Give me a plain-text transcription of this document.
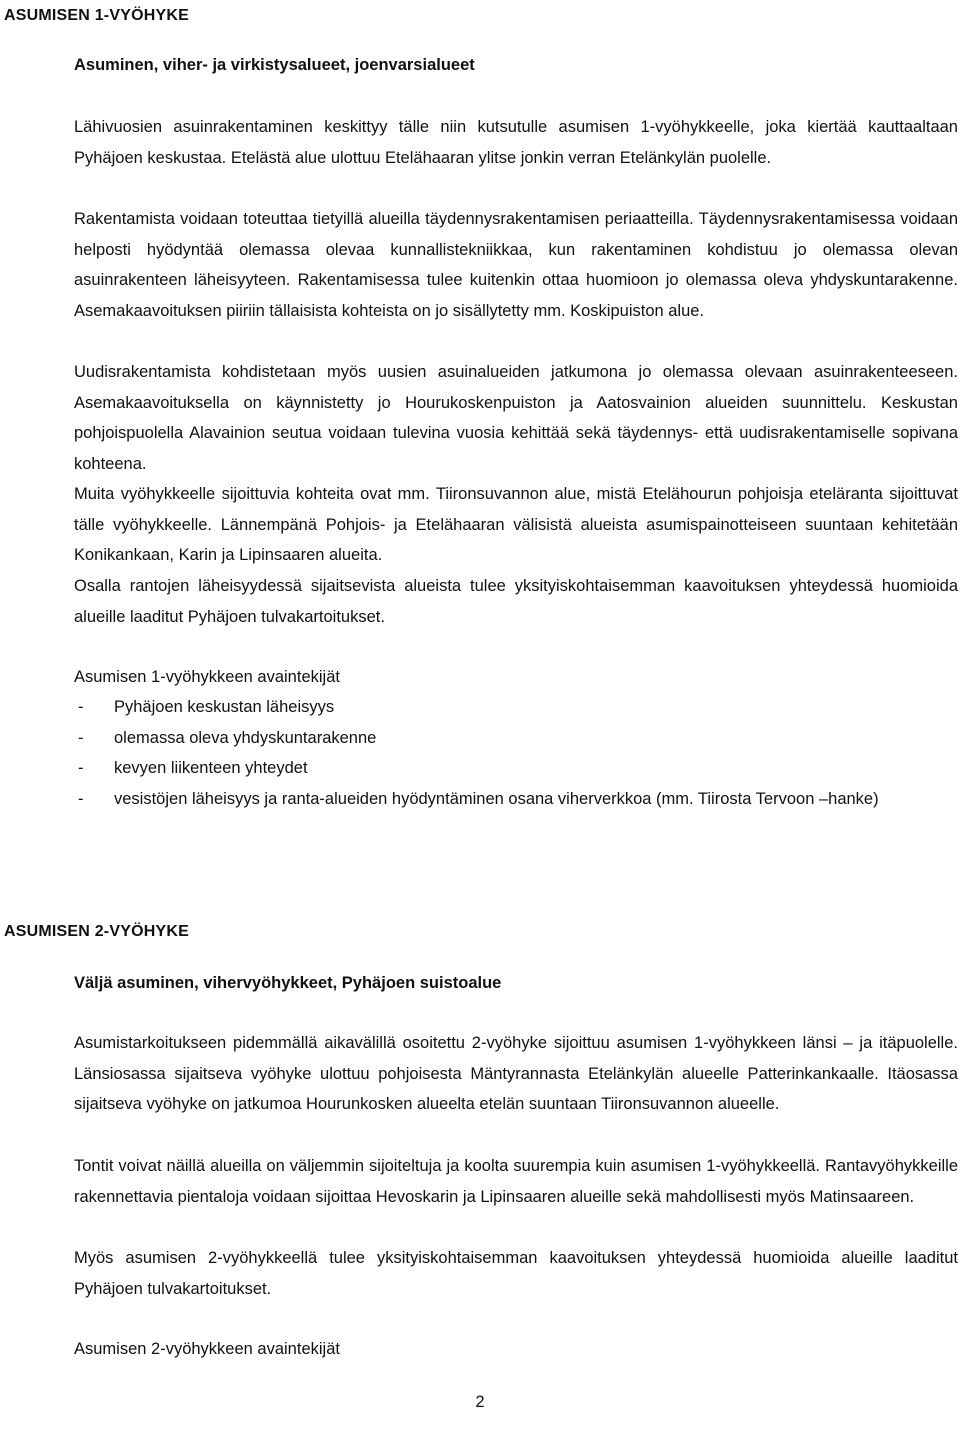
ASUMISEN 1-VYÖHYKE
Asuminen, viher- ja virkistysalueet, joenvarsialueet

Lähivuosien asuinrakentaminen keskittyy tälle niin kutsutulle asumisen 1-vyöhykkeelle, joka kiertää kauttaaltaan Pyhäjoen keskustaa. Etelästä alue ulottuu Etelähaaran ylitse jonkin verran Etelänkylän puolelle.

Rakentamista voidaan toteuttaa tietyillä alueilla täydennysrakentamisen periaatteilla. Täydennysrakentamisessa voidaan helposti hyödyntää olemassa olevaa kunnallistekniikkaa, kun rakentaminen kohdistuu jo olemassa olevan asuinrakenteen läheisyyteen. Rakentamisessa tulee kuitenkin ottaa huomioon jo olemassa oleva yhdyskuntarakenne. Asemakaavoituksen piiriin tällaisista kohteista on jo sisällytetty mm. Koskipuiston alue.

Uudisrakentamista kohdistetaan myös uusien asuinalueiden jatkumona jo olemassa olevaan asuinrakenteeseen. Asemakaavoituksella on käynnistetty jo Hourukoskenpuiston ja Aatosvainion alueiden suunnittelu. Keskustan pohjoispuolella Alavainion seutua voidaan tulevina vuosia kehittää sekä täydennys- että uudisrakentamiselle sopivana kohteena.

Muita vyöhykkeelle sijoittuvia kohteita ovat mm. Tiironsuvannon alue, mistä Etelähourun pohjoisja eteläranta sijoittuvat tälle vyöhykkeelle. Lännempänä Pohjois- ja Etelähaaran välisistä alueista asumispainotteiseen suuntaan kehitetään Konikankaan, Karin ja Lipinsaaren alueita.

Osalla rantojen läheisyydessä sijaitsevista alueista tulee yksityiskohtaisemman kaavoituksen yhteydessä huomioida alueille laaditut Pyhäjoen tulvakartoitukset.

Asumisen 1-vyöhykkeen avaintekijät
- Pyhäjoen keskustan läheisyys
- olemassa oleva yhdyskuntarakenne
- kevyen liikenteen yhteydet
- vesistöjen läheisyys ja ranta-alueiden hyödyntäminen osana viherverkkoa (mm. Tiirosta Tervoon –hanke)
ASUMISEN 2-VYÖHYKE
Väljä asuminen, vihervyöhykkeet, Pyhäjoen suistoalue

Asumistarkoitukseen pidemmällä aikavälillä osoitettu 2-vyöhyke sijoittuu asumisen 1-vyöhykkeen länsi – ja itäpuolelle. Länsiosassa sijaitseva vyöhyke ulottuu pohjoisesta Mäntyrannasta Etelänkylän alueelle Patterinkankaalle. Itäosassa sijaitseva vyöhyke on jatkumoa Hourunkosken alueelta etelän suuntaan Tiironsuvannon alueelle.

Tontit voivat näillä alueilla on väljemmin sijoiteltuja ja koolta suurempia kuin asumisen 1-vyöhykkeellä. Rantavyöhykkeille rakennettavia pientaloja voidaan sijoittaa Hevoskarin ja Lipinsaaren alueille sekä mahdollisesti myös Matinsaareen.

Myös asumisen 2-vyöhykkeellä tulee yksityiskohtaisemman kaavoituksen yhteydessä huomioida alueille laaditut Pyhäjoen tulvakartoitukset.

Asumisen 2-vyöhykkeen avaintekijät
2
